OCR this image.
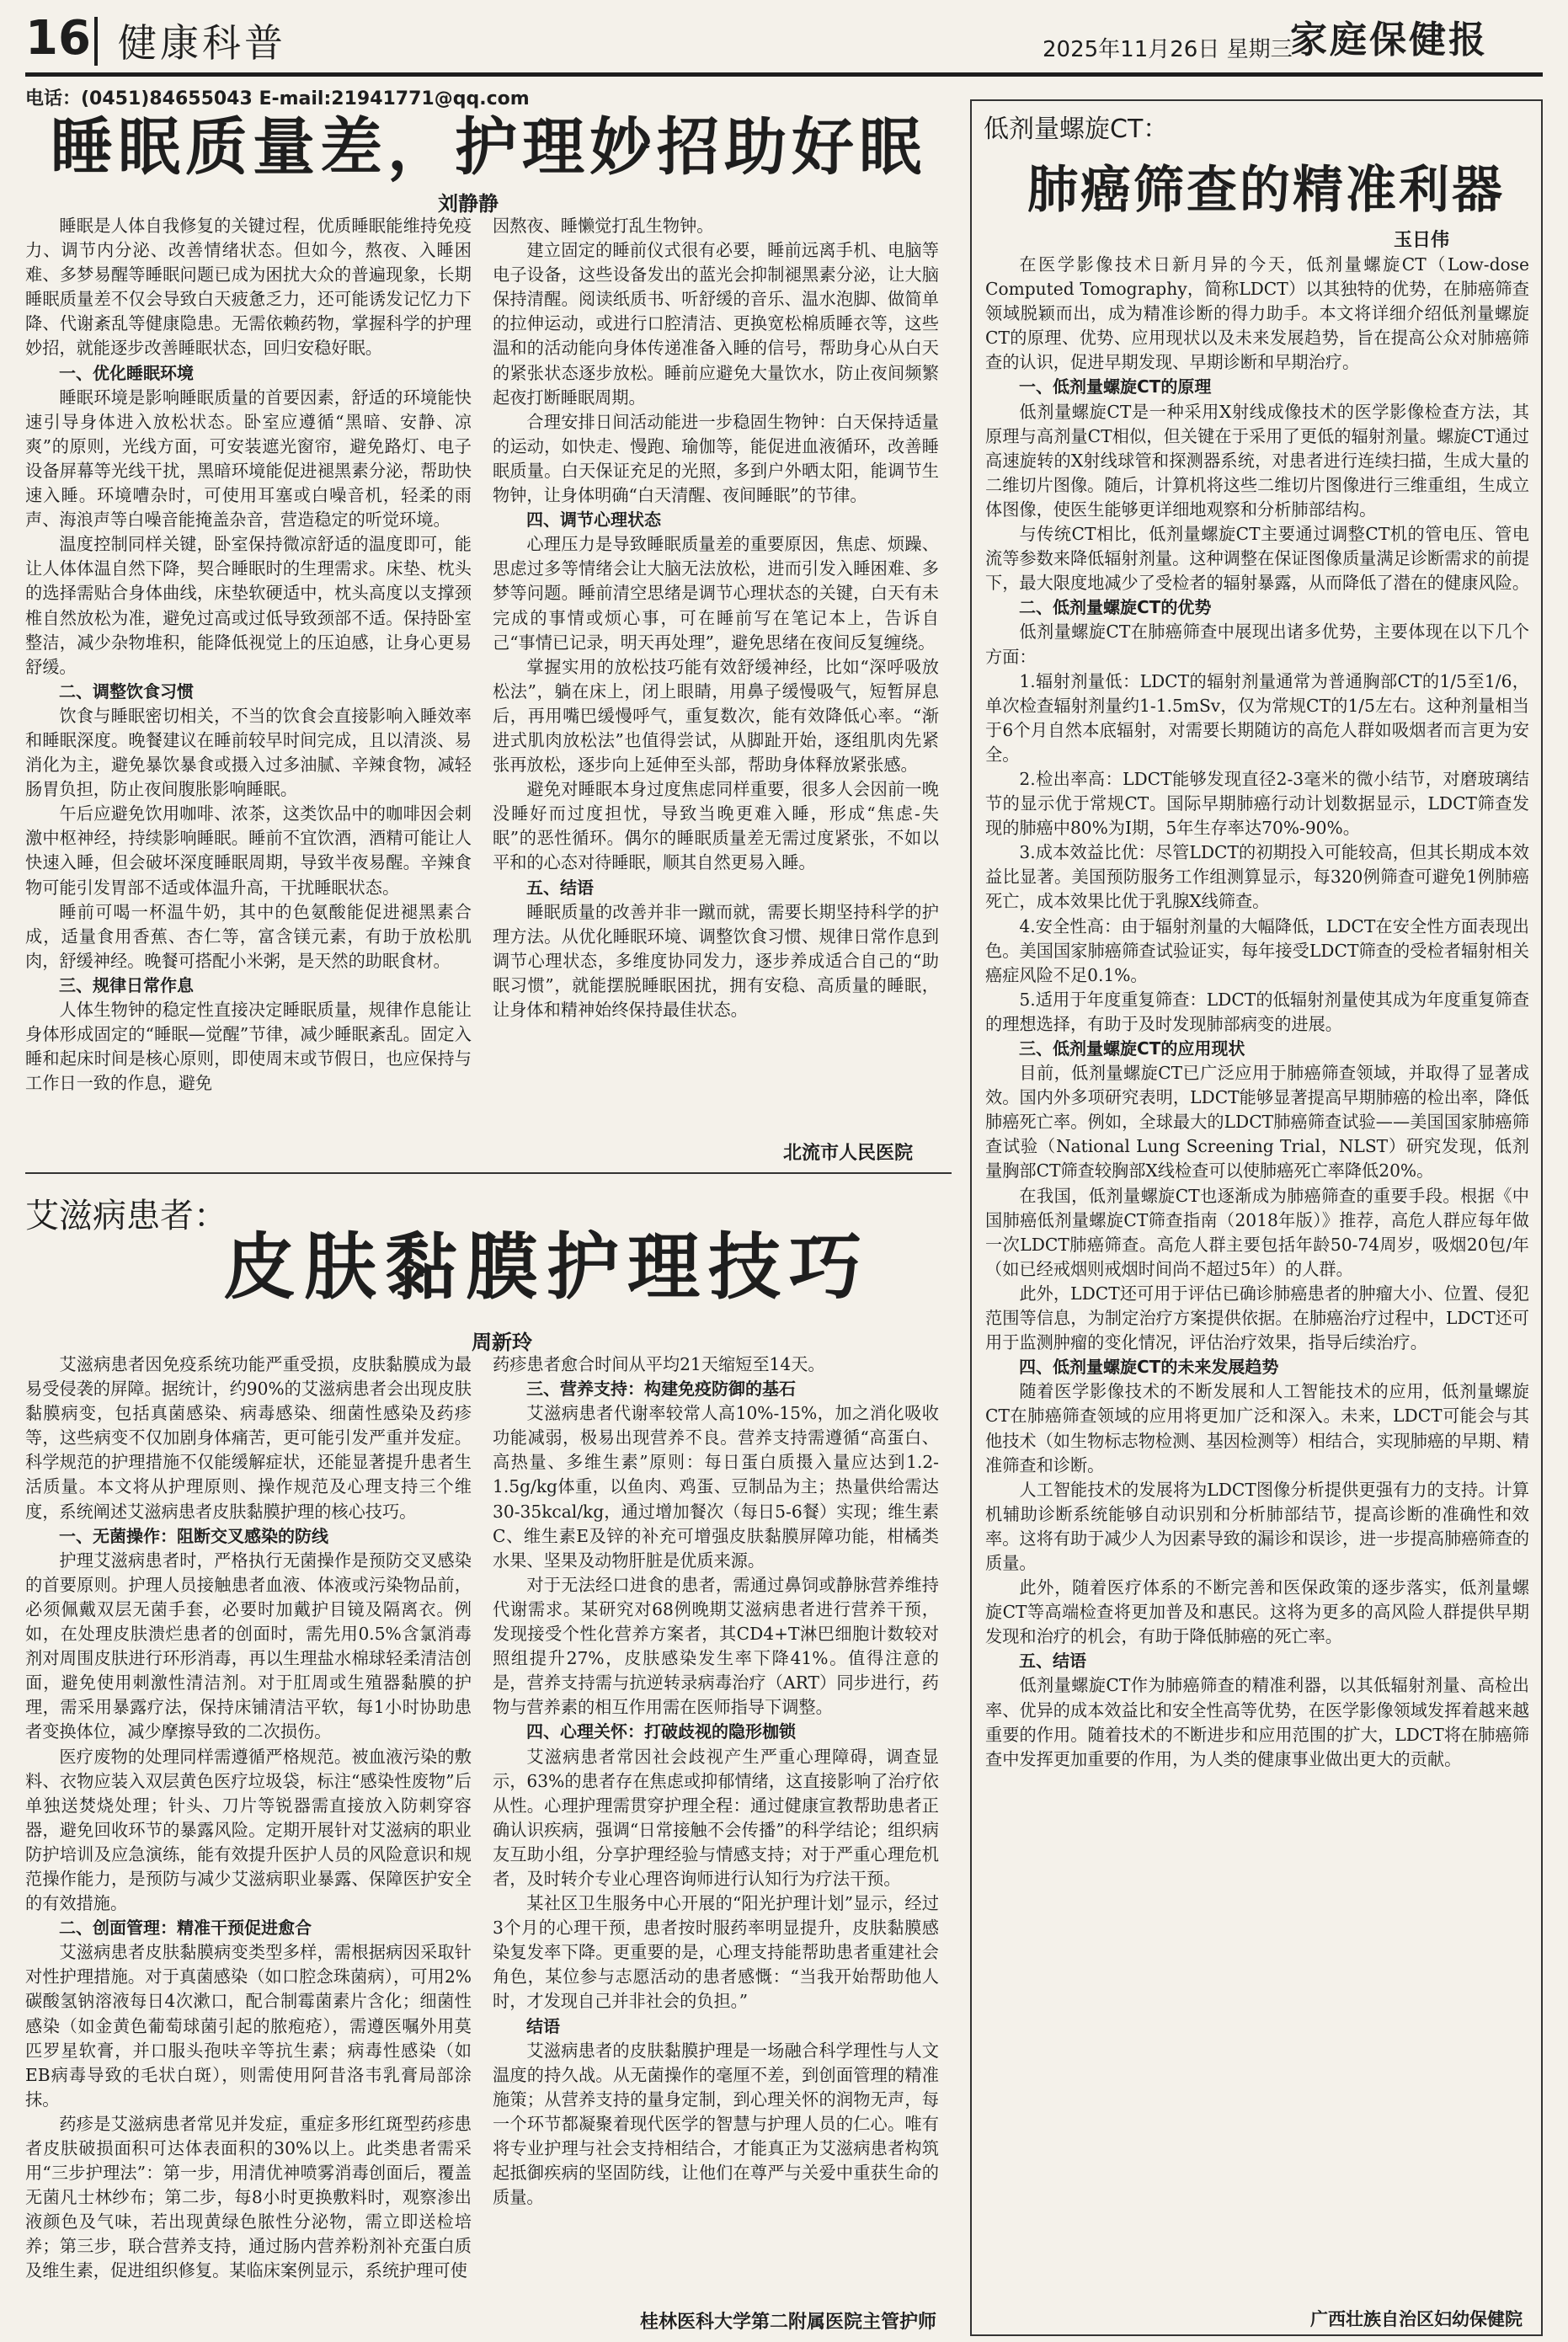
16 健康科普	2025年11月26日 星期三
家庭保健报
电话：(0451)84655043 E-mail:21941771@qq.com
睡眠质量差，护理妙招助好眠
刘静静

睡眠是人体自我修复的关键过程，优质睡眠能维持免疫力、调节内分泌、改善情绪状态。但如今，熬夜、入睡困难、多梦易醒等睡眠问题已成为困扰大众的普遍现象，长期睡眠质量差不仅会导致白天疲惫乏力，还可能诱发记忆力下降、代谢紊乱等健康隐患。无需依赖药物，掌握科学的护理妙招，就能逐步改善睡眠状态，回归安稳好眠。

一、优化睡眠环境

睡眠环境是影响睡眠质量的首要因素，舒适的环境能快速引导身体进入放松状态。卧室应遵循“黑暗、安静、凉爽”的原则，光线方面，可安装遮光窗帘，避免路灯、电子设备屏幕等光线干扰，黑暗环境能促进褪黑素分泌，帮助快速入睡。环境嘈杂时，可使用耳塞或白噪音机，轻柔的雨声、海浪声等白噪音能掩盖杂音，营造稳定的听觉环境。

温度控制同样关键，卧室保持微凉舒适的温度即可，能让人体体温自然下降，契合睡眠时的生理需求。床垫、枕头的选择需贴合身体曲线，床垫软硬适中，枕头高度以支撑颈椎自然放松为准，避免过高或过低导致颈部不适。保持卧室整洁，减少杂物堆积，能降低视觉上的压迫感，让身心更易舒缓。

二、调整饮食习惯

饮食与睡眠密切相关，不当的饮食会直接影响入睡效率和睡眠深度。晚餐建议在睡前较早时间完成，且以清淡、易消化为主，避免暴饮暴食或摄入过多油腻、辛辣食物，减轻肠胃负担，防止夜间腹胀影响睡眠。

午后应避免饮用咖啡、浓茶，这类饮品中的咖啡因会刺激中枢神经，持续影响睡眠。睡前不宜饮酒，酒精可能让人快速入睡，但会破坏深度睡眠周期，导致半夜易醒。辛辣食物可能引发胃部不适或体温升高，干扰睡眠状态。

睡前可喝一杯温牛奶，其中的色氨酸能促进褪黑素合成，适量食用香蕉、杏仁等，富含镁元素，有助于放松肌肉，舒缓神经。晚餐可搭配小米粥，是天然的助眠食材。

三、规律日常作息

人体生物钟的稳定性直接决定睡眠质量，规律作息能让身体形成固定的“睡眠—觉醒”节律，减少睡眠紊乱。固定入睡和起床时间是核心原则，即使周末或节假日，也应保持与工作日一致的作息，避免

因熬夜、睡懒觉打乱生物钟。

建立固定的睡前仪式很有必要，睡前远离手机、电脑等电子设备，这些设备发出的蓝光会抑制褪黑素分泌，让大脑保持清醒。阅读纸质书、听舒缓的音乐、温水泡脚、做简单的拉伸运动，或进行口腔清洁、更换宽松棉质睡衣等，这些温和的活动能向身体传递准备入睡的信号，帮助身心从白天的紧张状态逐步放松。睡前应避免大量饮水，防止夜间频繁起夜打断睡眠周期。

合理安排日间活动能进一步稳固生物钟：白天保持适量的运动，如快走、慢跑、瑜伽等，能促进血液循环，改善睡眠质量。白天保证充足的光照，多到户外晒太阳，能调节生物钟，让身体明确“白天清醒、夜间睡眠”的节律。

四、调节心理状态

心理压力是导致睡眠质量差的重要原因，焦虑、烦躁、思虑过多等情绪会让大脑无法放松，进而引发入睡困难、多梦等问题。睡前清空思绪是调节心理状态的关键，白天有未完成的事情或烦心事，可在睡前写在笔记本上，告诉自己“事情已记录，明天再处理”，避免思绪在夜间反复缠绕。

掌握实用的放松技巧能有效舒缓神经，比如“深呼吸放松法”，躺在床上，闭上眼睛，用鼻子缓慢吸气，短暂屏息后，再用嘴巴缓慢呼气，重复数次，能有效降低心率。“渐进式肌肉放松法”也值得尝试，从脚趾开始，逐组肌肉先紧张再放松，逐步向上延伸至头部，帮助身体释放紧张感。

避免对睡眠本身过度焦虑同样重要，很多人会因前一晚没睡好而过度担忧，导致当晚更难入睡，形成“焦虑-失眠”的恶性循环。偶尔的睡眠质量差无需过度紧张，不如以平和的心态对待睡眠，顺其自然更易入睡。

五、结语

睡眠质量的改善并非一蹴而就，需要长期坚持科学的护理方法。从优化睡眠环境、调整饮食习惯、规律日常作息到调节心理状态，多维度协同发力，逐步养成适合自己的“助眠习惯”，就能摆脱睡眠困扰，拥有安稳、高质量的睡眠，让身体和精神始终保持最佳状态。

北流市人民医院
艾滋病患者：
皮肤黏膜护理技巧
周新玲

艾滋病患者因免疫系统功能严重受损，皮肤黏膜成为最易受侵袭的屏障。据统计，约90%的艾滋病患者会出现皮肤黏膜病变，包括真菌感染、病毒感染、细菌性感染及药疹等，这些病变不仅加剧身体痛苦，更可能引发严重并发症。科学规范的护理措施不仅能缓解症状，还能显著提升患者生活质量。本文将从护理原则、操作规范及心理支持三个维度，系统阐述艾滋病患者皮肤黏膜护理的核心技巧。

一、无菌操作：阻断交叉感染的防线

护理艾滋病患者时，严格执行无菌操作是预防交叉感染的首要原则。护理人员接触患者血液、体液或污染物品前，必须佩戴双层无菌手套，必要时加戴护目镜及隔离衣。例如，在处理皮肤溃烂患者的创面时，需先用0.5%含氯消毒剂对周围皮肤进行环形消毒，再以生理盐水棉球轻柔清洁创面，避免使用刺激性清洁剂。对于肛周或生殖器黏膜的护理，需采用暴露疗法，保持床铺清洁平软，每1小时协助患者变换体位，减少摩擦导致的二次损伤。

医疗废物的处理同样需遵循严格规范。被血液污染的敷料、衣物应装入双层黄色医疗垃圾袋，标注“感染性废物”后单独送焚烧处理；针头、刀片等锐器需直接放入防刺穿容器，避免回收环节的暴露风险。定期开展针对艾滋病的职业防护培训及应急演练，能有效提升医护人员的风险意识和规范操作能力，是预防与减少艾滋病职业暴露、保障医护安全的有效措施。

二、创面管理：精准干预促进愈合

艾滋病患者皮肤黏膜病变类型多样，需根据病因采取针对性护理措施。对于真菌感染（如口腔念珠菌病），可用2%碳酸氢钠溶液每日4次漱口，配合制霉菌素片含化；细菌性感染（如金黄色葡萄球菌引起的脓疱疮），需遵医嘱外用莫匹罗星软膏，并口服头孢呋辛等抗生素；病毒性感染（如EB病毒导致的毛状白斑），则需使用阿昔洛韦乳膏局部涂抹。

药疹是艾滋病患者常见并发症，重症多形红斑型药疹患者皮肤破损面积可达体表面积的30%以上。此类患者需采用“三步护理法”：第一步，用清优神喷雾消毒创面后，覆盖无菌凡士林纱布；第二步，每8小时更换敷料时，观察渗出液颜色及气味，若出现黄绿色脓性分泌物，需立即送检培养；第三步，联合营养支持，通过肠内营养粉剂补充蛋白质及维生素，促进组织修复。某临床案例显示，系统护理可使

药疹患者愈合时间从平均21天缩短至14天。

三、营养支持：构建免疫防御的基石

艾滋病患者代谢率较常人高10%-15%，加之消化吸收功能减弱，极易出现营养不良。营养支持需遵循“高蛋白、高热量、多维生素”原则：每日蛋白质摄入量应达到1.2-1.5g/kg体重，以鱼肉、鸡蛋、豆制品为主；热量供给需达30-35kcal/kg，通过增加餐次（每日5-6餐）实现；维生素C、维生素E及锌的补充可增强皮肤黏膜屏障功能，柑橘类水果、坚果及动物肝脏是优质来源。

对于无法经口进食的患者，需通过鼻饲或静脉营养维持代谢需求。某研究对68例晚期艾滋病患者进行营养干预，发现接受个性化营养方案者，其CD4+T淋巴细胞计数较对照组提升27%，皮肤感染发生率下降41%。值得注意的是，营养支持需与抗逆转录病毒治疗（ART）同步进行，药物与营养素的相互作用需在医师指导下调整。

四、心理关怀：打破歧视的隐形枷锁

艾滋病患者常因社会歧视产生严重心理障碍，调查显示，63%的患者存在焦虑或抑郁情绪，这直接影响了治疗依从性。心理护理需贯穿护理全程：通过健康宣教帮助患者正确认识疾病，强调“日常接触不会传播”的科学结论；组织病友互助小组，分享护理经验与情感支持；对于严重心理危机者，及时转介专业心理咨询师进行认知行为疗法干预。

某社区卫生服务中心开展的“阳光护理计划”显示，经过3个月的心理干预，患者按时服药率明显提升，皮肤黏膜感染复发率下降。更重要的是，心理支持能帮助患者重建社会角色，某位参与志愿活动的患者感慨：“当我开始帮助他人时，才发现自己并非社会的负担。”

结语

艾滋病患者的皮肤黏膜护理是一场融合科学理性与人文温度的持久战。从无菌操作的毫厘不差，到创面管理的精准施策；从营养支持的量身定制，到心理关怀的润物无声，每一个环节都凝聚着现代医学的智慧与护理人员的仁心。唯有将专业护理与社会支持相结合，才能真正为艾滋病患者构筑起抵御疾病的坚固防线，让他们在尊严与关爱中重获生命的质量。

桂林医科大学第二附属医院主管护师
低剂量螺旋CT：
肺癌筛查的精准利器
玉日伟

在医学影像技术日新月异的今天，低剂量螺旋CT（Low-dose Computed Tomography，简称LDCT）以其独特的优势，在肺癌筛查领域脱颖而出，成为精准诊断的得力助手。本文将详细介绍低剂量螺旋CT的原理、优势、应用现状以及未来发展趋势，旨在提高公众对肺癌筛查的认识，促进早期发现、早期诊断和早期治疗。

一、低剂量螺旋CT的原理

低剂量螺旋CT是一种采用X射线成像技术的医学影像检查方法，其原理与高剂量CT相似，但关键在于采用了更低的辐射剂量。螺旋CT通过高速旋转的X射线球管和探测器系统，对患者进行连续扫描，生成大量的二维切片图像。随后，计算机将这些二维切片图像进行三维重组，生成立体图像，使医生能够更详细地观察和分析肺部结构。

与传统CT相比，低剂量螺旋CT主要通过调整CT机的管电压、管电流等参数来降低辐射剂量。这种调整在保证图像质量满足诊断需求的前提下，最大限度地减少了受检者的辐射暴露，从而降低了潜在的健康风险。

二、低剂量螺旋CT的优势

低剂量螺旋CT在肺癌筛查中展现出诸多优势，主要体现在以下几个方面：

1.辐射剂量低：LDCT的辐射剂量通常为普通胸部CT的1/5至1/6，单次检查辐射剂量约1-1.5mSv，仅为常规CT的1/5左右。这种剂量相当于6个月自然本底辐射，对需要长期随访的高危人群如吸烟者而言更为安全。

2.检出率高：LDCT能够发现直径2-3毫米的微小结节，对磨玻璃结节的显示优于常规CT。国际早期肺癌行动计划数据显示，LDCT筛查发现的肺癌中80%为Ⅰ期，5年生存率达70%-90%。

3.成本效益比优：尽管LDCT的初期投入可能较高，但其长期成本效益比显著。美国预防服务工作组测算显示，每320例筛查可避免1例肺癌死亡，成本效果比优于乳腺X线筛查。

4.安全性高：由于辐射剂量的大幅降低，LDCT在安全性方面表现出色。美国国家肺癌筛查试验证实，每年接受LDCT筛查的受检者辐射相关癌症风险不足0.1%。

5.适用于年度重复筛查：LDCT的低辐射剂量使其成为年度重复筛查的理想选择，有助于及时发现肺部病变的进展。

三、低剂量螺旋CT的应用现状

目前，低剂量螺旋CT已广泛应用于肺癌筛查领域，并取得了显著成效。国内外多项研究表明，LDCT能够显著提高早期肺癌的检出率，降低肺癌死亡率。例如，全球最大的LDCT肺癌筛查试验——美国国家肺癌筛查试验（National Lung Screening Trial，NLST）研究发现，低剂量胸部CT筛查较胸部X线检查可以使肺癌死亡率降低20%。

在我国，低剂量螺旋CT也逐渐成为肺癌筛查的重要手段。根据《中国肺癌低剂量螺旋CT筛查指南（2018年版）》推荐，高危人群应每年做一次LDCT肺癌筛查。高危人群主要包括年龄50-74周岁，吸烟20包/年（如已经戒烟则戒烟时间尚不超过5年）的人群。

此外，LDCT还可用于评估已确诊肺癌患者的肿瘤大小、位置、侵犯范围等信息，为制定治疗方案提供依据。在肺癌治疗过程中，LDCT还可用于监测肿瘤的变化情况，评估治疗效果，指导后续治疗。

四、低剂量螺旋CT的未来发展趋势

随着医学影像技术的不断发展和人工智能技术的应用，低剂量螺旋CT在肺癌筛查领域的应用将更加广泛和深入。未来，LDCT可能会与其他技术（如生物标志物检测、基因检测等）相结合，实现肺癌的早期、精准筛查和诊断。

人工智能技术的发展将为LDCT图像分析提供更强有力的支持。计算机辅助诊断系统能够自动识别和分析肺部结节，提高诊断的准确性和效率。这将有助于减少人为因素导致的漏诊和误诊，进一步提高肺癌筛查的质量。

此外，随着医疗体系的不断完善和医保政策的逐步落实，低剂量螺旋CT等高端检查将更加普及和惠民。这将为更多的高风险人群提供早期发现和治疗的机会，有助于降低肺癌的死亡率。

五、结语

低剂量螺旋CT作为肺癌筛查的精准利器，以其低辐射剂量、高检出率、优异的成本效益比和安全性高等优势，在医学影像领域发挥着越来越重要的作用。随着技术的不断进步和应用范围的扩大，LDCT将在肺癌筛查中发挥更加重要的作用，为人类的健康事业做出更大的贡献。

广西壮族自治区妇幼保健院
